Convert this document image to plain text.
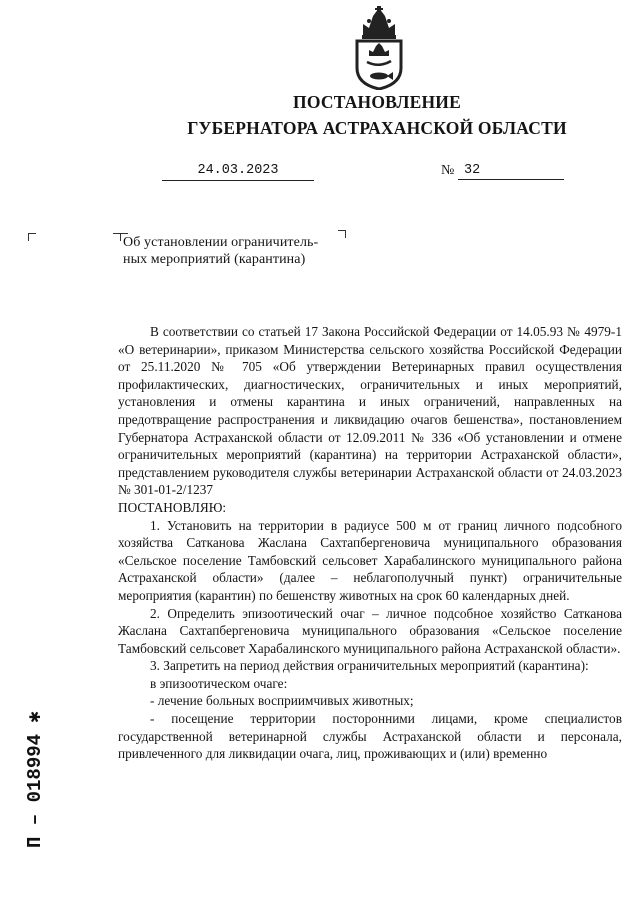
ПОСТАНОВЛЕНИЕ
ГУБЕРНАТОРА АСТРАХАНСКОЙ ОБЛАСТИ
24.03.2023	№ 32
Об установлении ограничитель-
ных мероприятий (карантина)

В соответствии со статьей 17 Закона Российской Федерации от 14.05.93 № 4979-1 «О ветеринарии», приказом Министерства сельского хозяйства Российской Федерации от 25.11.2020 № 705 «Об утверждении Ветеринарных правил осуществления профилактических, диагностических, ограничительных и иных мероприятий, установления и отмены карантина и иных ограничений, направленных на предотвращение распространения и ликвидацию очагов бешенства», постановлением Губернатора Астраханской области от 12.09.2011 № 336 «Об установлении и отмене ограничительных мероприятий (карантина) на территории Астраханской области», представлением руководителя службы ветеринарии Астраханской области от 24.03.2023 № 301-01-2/1237

ПОСТАНОВЛЯЮ:

1. Установить на территории в радиусе 500 м от границ личного подсобного хозяйства Сатканова Жаслана Сахтапбергеновича муниципального образования «Сельское поселение Тамбовский сельсовет Харабалинского муниципального района Астраханской области» (далее – неблагополучный пункт) ограничительные мероприятия (карантин) по бешенству животных на срок 60 календарных дней.

2. Определить эпизоотический очаг – личное подсобное хозяйство Сатканова Жаслана Сахтапбергеновича муниципального образования «Сельское поселение Тамбовский сельсовет Харабалинского муниципального района Астраханской области».

3. Запретить на период действия ограничительных мероприятий (карантина):

в эпизоотическом очаге:

- лечение больных восприимчивых животных;

- посещение территории посторонними лицами, кроме специалистов государственной ветеринарной службы Астраханской области и персонала, привлеченного для ликвидации очага, лиц, проживающих и (или) временно

П – 018994 ✱
